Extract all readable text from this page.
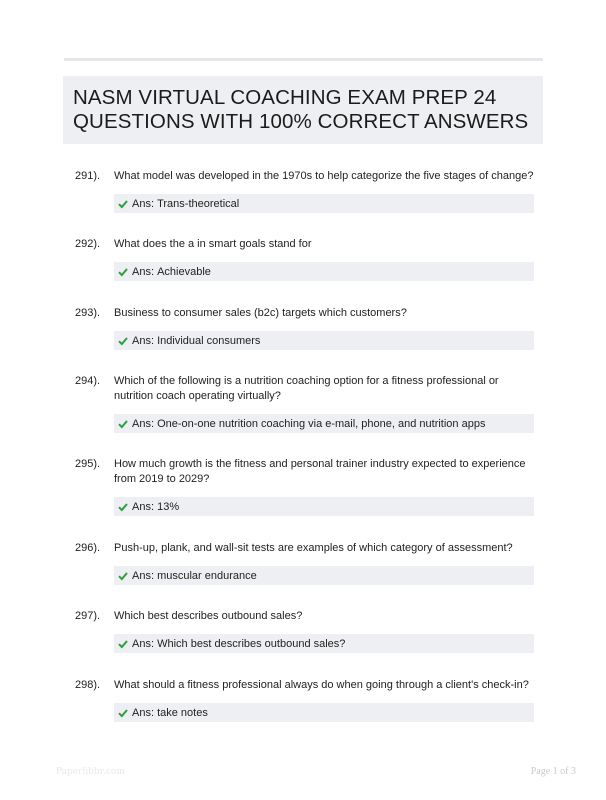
NASM VIRTUAL COACHING EXAM PREP 24 QUESTIONS WITH 100% CORRECT ANSWERS
291). What model was developed in the 1970s to help categorize the five stages of change?
Ans:
Trans-theoretical
292). What does the a in smart goals stand for
Ans:
Achievable
293). Business to consumer sales (b2c) targets which customers?
Ans:
Individual consumers
294). Which of the following is a nutrition coaching option for a fitness professional or nutrition coach operating virtually?
Ans:
One-on-one nutrition coaching via e-mail, phone, and nutrition apps
295). How much growth is the fitness and personal trainer industry expected to experience from 2019 to 2029?
Ans:
13%
296). Push-up, plank, and wall-sit tests are examples of which category of assessment?
Ans:
muscular endurance
297). Which best describes outbound sales?
Ans:
Which best describes outbound sales?
298). What should a fitness professional always do when going through a client's check-in?
Ans:
take notes
Paperlibbr.com	Page 1 of 3
